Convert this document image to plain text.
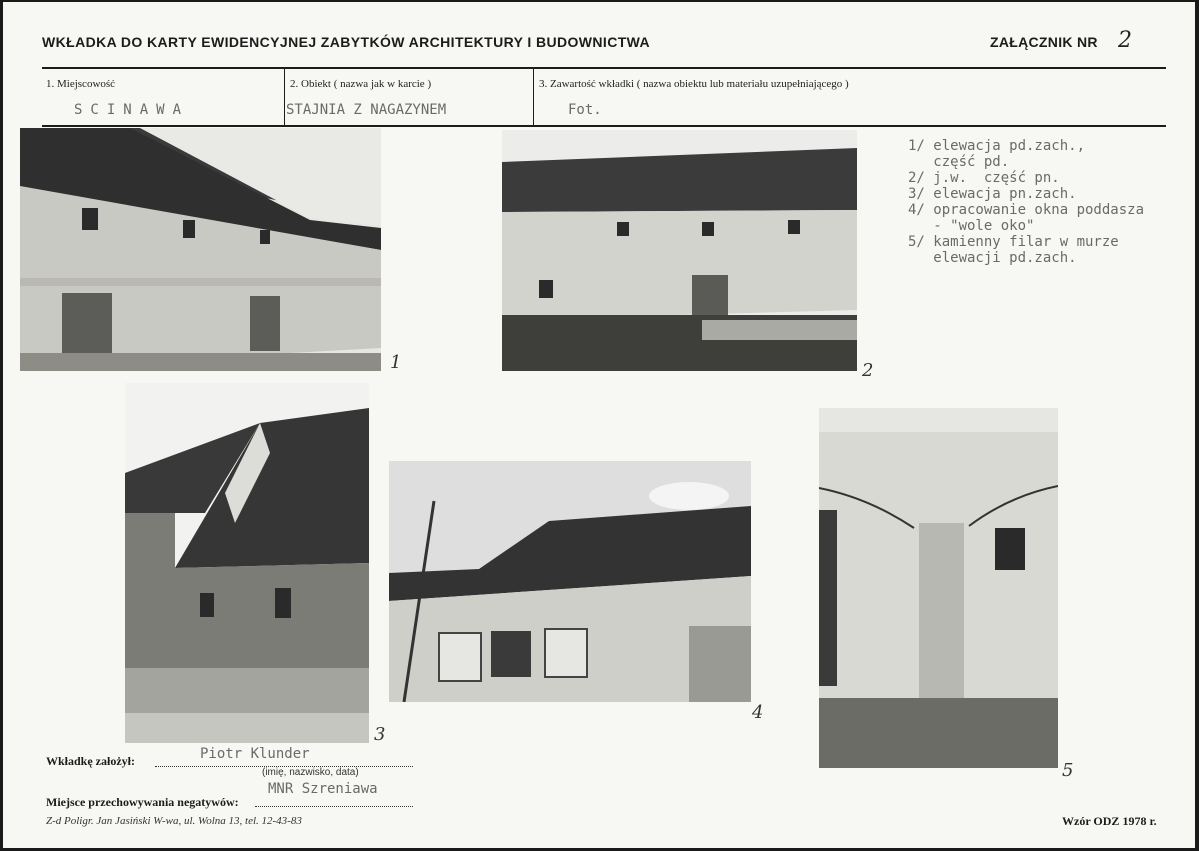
WKŁADKA DO KARTY EWIDENCYJNEJ ZABYTKÓW ARCHITEKTURY I BUDOWNICTWA	ZAŁĄCZNIK NR 2
1. Miejscowość
SCINAWA
2. Obiekt ( nazwa jak w karcie )
STAJNIA Z NAGAZYNEM
3. Zawartość wkładki ( nazwa obiektu lub materiału uzupełniającego )
Fot.
1	2
3
4
5
1/ elewacja pd.zach.,
część pd.
2/ j.w.  część pn.
3/ elewacja pn.zach.
4/ opracowanie okna poddasza
- "wole oko"
5/ kamienny filar w murze
elewacji pd.zach.
Wkładkę założył:	Piotr Klunder
(imię, nazwisko, data)
Miejsce przechowywania negatywów:
MNR Szreniawa
Z-d Poligr. Jan Jasiński W-wa, ul. Wolna 13, tel. 12-43-83	Wzór ODZ 1978 r.
